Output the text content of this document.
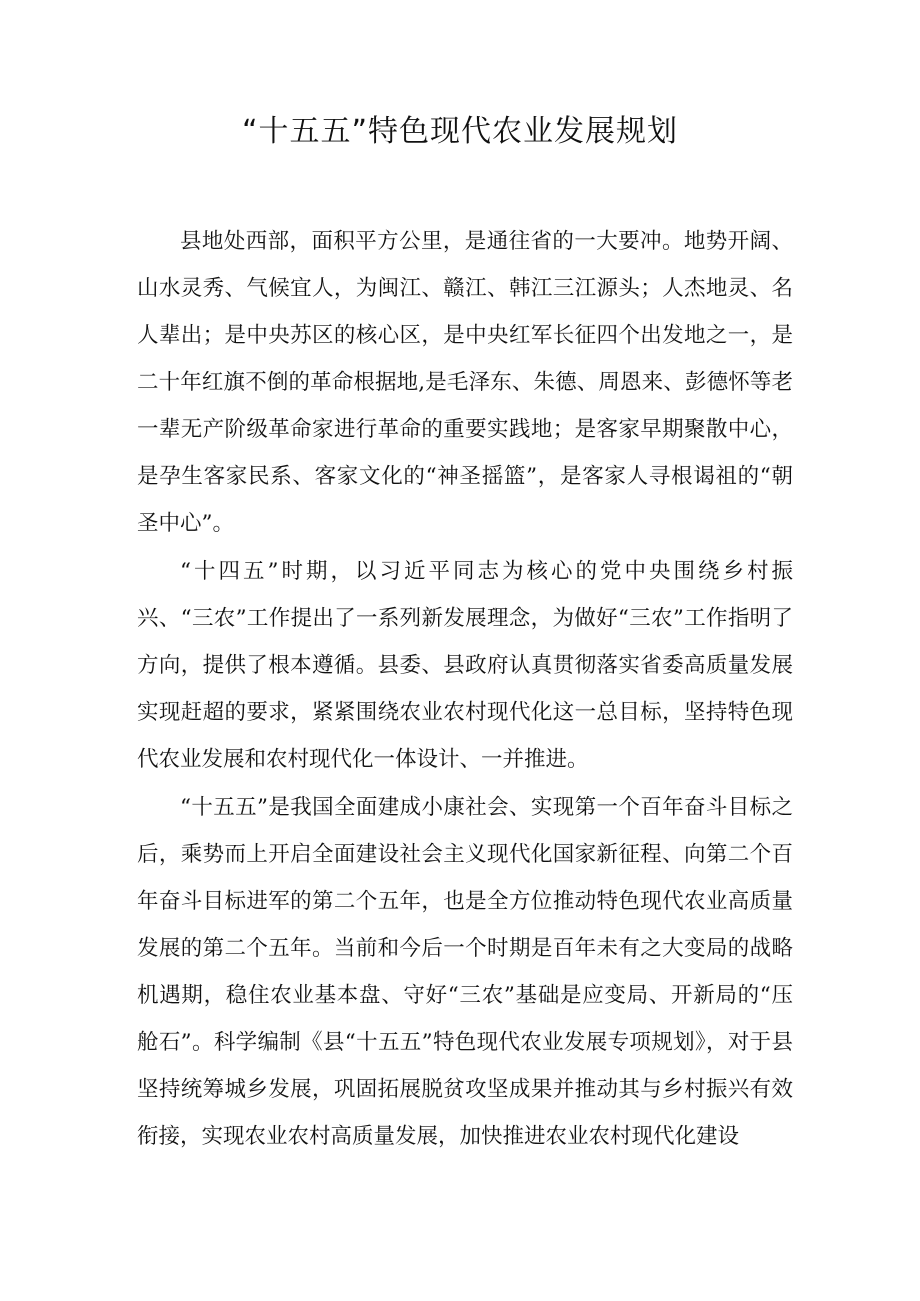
“十五五”特色现代农业发展规划

县地处西部，面积平方公里，是通往省的一大要冲。地势开阔、山水灵秀、气候宜人，为闽江、赣江、韩江三江源头；人杰地灵、名人辈出；是中央苏区的核心区，是中央红军长征四个出发地之一，是二十年红旗不倒的革命根据地,是毛泽东、朱德、周恩来、彭德怀等老一辈无产阶级革命家进行革命的重要实践地；是客家早期聚散中心，是孕生客家民系、客家文化的“神圣摇篮”，是客家人寻根谒祖的“朝圣中心”。

“十四五”时期，以习近平同志为核心的党中央围绕乡村振兴、“三农”工作提出了一系列新发展理念，为做好“三农”工作指明了方向，提供了根本遵循。县委、县政府认真贯彻落实省委高质量发展实现赶超的要求，紧紧围绕农业农村现代化这一总目标，坚持特色现代农业发展和农村现代化一体设计、一并推进。

“十五五”是我国全面建成小康社会、实现第一个百年奋斗目标之后，乘势而上开启全面建设社会主义现代化国家新征程、向第二个百年奋斗目标进军的第二个五年，也是全方位推动特色现代农业高质量发展的第二个五年。当前和今后一个时期是百年未有之大变局的战略机遇期，稳住农业基本盘、守好“三农”基础是应变局、开新局的“压舱石”。科学编制《县“十五五”特色现代农业发展专项规划》，对于县坚持统筹城乡发展，巩固拓展脱贫攻坚成果并推动其与乡村振兴有效衔接，实现农业农村高质量发展，加快推进农业农村现代化建设
